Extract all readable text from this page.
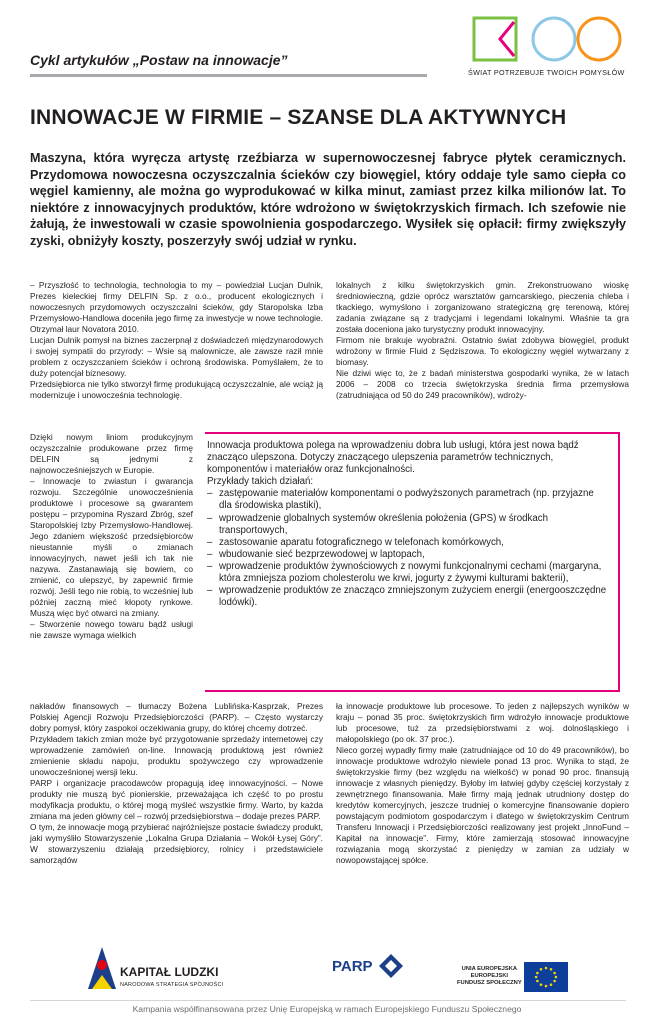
Cykl artykułów „Postaw na innowacje”
ŚWIAT POTRZEBUJE TWOICH POMYSŁÓW
INNOWACJE W FIRMIE – SZANSE DLA AKTYWNYCH

Maszyna, która wyręcza artystę rzeźbiarza w supernowoczesnej fabryce płytek ceramicznych. Przydomowa nowoczesna oczyszczalnia ścieków czy biowęgiel, który oddaje tyle samo ciepła co węgiel kamienny, ale można go wyprodukować w kilka minut, zamiast przez kilka milionów lat. To niektóre z innowacyjnych produktów, które wdrożono w świętokrzyskich firmach. Ich szefowie nie żałują, że inwestowali w czasie spowolnienia gospodarczego. Wysiłek się opłacił: firmy zwiększyły zyski, obniżyły koszty, poszerzyły swój udział w rynku.

– Przyszłość to technologia, technologia to my – powiedział Lucjan Dulnik, Prezes kieleckiej firmy DELFIN Sp. z o.o., producent ekologicznych i nowoczesnych przydomowych oczyszczalni ścieków, gdy Staropolska Izba Przemysłowo-Handlowa doceniła jego firmę za inwestycje w nowe technologie. Otrzymał laur Novatora 2010.

Lucjan Dulnik pomysł na biznes zaczerpnął z doświadczeń międzynarodowych i swojej sympatii do przyrody: – Wsie są malownicze, ale zawsze raził mnie problem z oczyszczaniem ścieków i ochroną środowiska. Pomyślałem, że to duży potencjał biznesowy.

Przedsiębiorca nie tylko stworzył firmę produkującą oczyszczalnie, ale wciąż ją modernizuje i unowocześnia technologię.

Dzięki nowym liniom produkcyjnym oczyszczalnie produkowane przez firmę DELFIN są jednymi z najnowocześniejszych w Europie.

– Innowacje to zwiastun i gwarancja rozwoju. Szczególnie unowocześnienia produktowe i procesowe są gwarantem postępu – przypomina Ryszard Zbróg, szef Staropolskiej Izby Przemysłowo-Handlowej. Jego zdaniem większość przedsiębiorców nieustannie myśli o zmianach innowacyjnych, nawet jeśli ich tak nie nazywa. Zastanawiają się bowiem, co zmienić, co ulepszyć, by zapewnić firmie rozwój. Jeśli tego nie robią, to wcześniej lub później zaczną mieć kłopoty rynkowe. Muszą więc być otwarci na zmiany.

– Stworzenie nowego towaru bądź usługi nie zawsze wymaga wielkich

nakładów finansowych – tłumaczy Bożena Lublińska-Kasprzak, Prezes Polskiej Agencji Rozwoju Przedsiębiorczości (PARP). – Często wystarczy dobry pomysł, który zaspokoi oczekiwania grupy, do której chcemy dotrzeć.

Przykładem takich zmian może być przygotowanie sprzedaży internetowej czy wprowadzenie zamówień on-line. Innowacją produktową jest również zmienienie składu napoju, produktu spożywczego czy wprowadzenie unowocześnionej wersji leku.

PARP i organizacje pracodawców propagują ideę innowacyjności. – Nowe produkty nie muszą być pionierskie, przeważająca ich część to po prostu modyfikacja produktu, o której mogą myśleć wszystkie firmy. Warto, by każda zmiana ma jeden główny cel – rozwój przedsiębiorstwa – dodaje prezes PARP.

O tym, że innowacje mogą przybierać najróżniejsze postacie świadczy produkt, jaki wymyśliło Stowarzyszenie „Lokalna Grupa Działania – Wokół Łysej Góry”. W stowarzyszeniu działają przedsiębiorcy, rolnicy i przedstawiciele samorządów

lokalnych z kilku świętokrzyskich gmin. Zrekonstruowano wioskę średniowieczną, gdzie oprócz warsztatów garncarskiego, pieczenia chleba i tkackiego, wymyślono i zorganizowano strategiczną grę terenową, której zadania związane są z tradycjami i legendami lokalnymi. Właśnie ta gra została doceniona jako turystyczny produkt innowacyjny.

Firmom nie brakuje wyobraźni. Ostatnio świat zdobywa biowęgiel, produkt wdrożony w firmie Fluid z Sędziszowa. To ekologiczny węgiel wytwarzany z biomasy.

Nie dziwi więc to, że z badań ministerstwa gospodarki wynika, że w latach 2006 – 2008 co trzecia świętokrzyska średnia firma przemysłowa (zatrudniająca od 50 do 249 pracowników), wdroży-

Innowacja produktowa polega na wprowadzeniu dobra lub usługi, która jest nowa bądź znacząco ulepszona. Dotyczy znaczącego ulepszenia parametrów technicznych, komponentów i materiałów oraz funkcjonalności.

Przykłady takich działań:

– zastępowanie materiałów komponentami o podwyższonych parametrach (np. przyjazne dla środowiska plastiki),
– wprowadzenie globalnych systemów określenia położenia (GPS) w środkach transportowych,
– zastosowanie aparatu fotograficznego w telefonach komórkowych,
– wbudowanie sieć bezprzewodowej w laptopach,
– wprowadzenie produktów żywnościowych z nowymi funkcjonalnymi cechami (margaryna, która zmniejsza poziom cholesterolu we krwi, jogurty z żywymi kulturami bakterii),
– wprowadzenie produktów ze znacząco zmniejszonym zużyciem energii (energooszczędne lodówki).

ła innowacje produktowe lub procesowe. To jeden z najlepszych wyników w kraju – ponad 35 proc. świętokrzyskich firm wdrożyło innowacje produktowe lub procesowe, tuż za przedsiębiorstwami z woj. dolnośląskiego i małopolskiego (po ok. 37 proc.).

Nieco gorzej wypadły firmy małe (zatrudniające od 10 do 49 pracowników), bo innowacje produktowe wdrożyło niewiele ponad 13 proc. Wynika to stąd, że świętokrzyskie firmy (bez względu na wielkość) w ponad 90 proc. finansują innowacje z własnych pieniędzy. Byłoby im łatwiej gdyby częściej korzystały z zewnętrznego finansowania. Małe firmy mają jednak utrudniony dostęp do kredytów komercyjnych, jeszcze trudniej o komercyjne finansowanie dopiero powstającym podmiotom gospodarczym i dlatego w świętokrzyskim Centrum Transferu Innowacji i Przedsiębiorczości realizowany jest projekt „InnoFund – Kapitał na innowacje”. Firmy, które zamierzają stosować innowacyjne rozwiązania mogą skorzystać z pieniędzy w zamian za udziały w nowopowstającej spółce.

KAPITAŁ LUDZKI
NARODOWA STRATEGIA SPÓJNOŚCI
PARP	UNIA EUROPEJSKA
EUROPEJSKI
FUNDUSZ SPOŁECZNY
Kampania współfinansowana przez Unię Europejską w ramach Europejskiego Funduszu Społecznego
